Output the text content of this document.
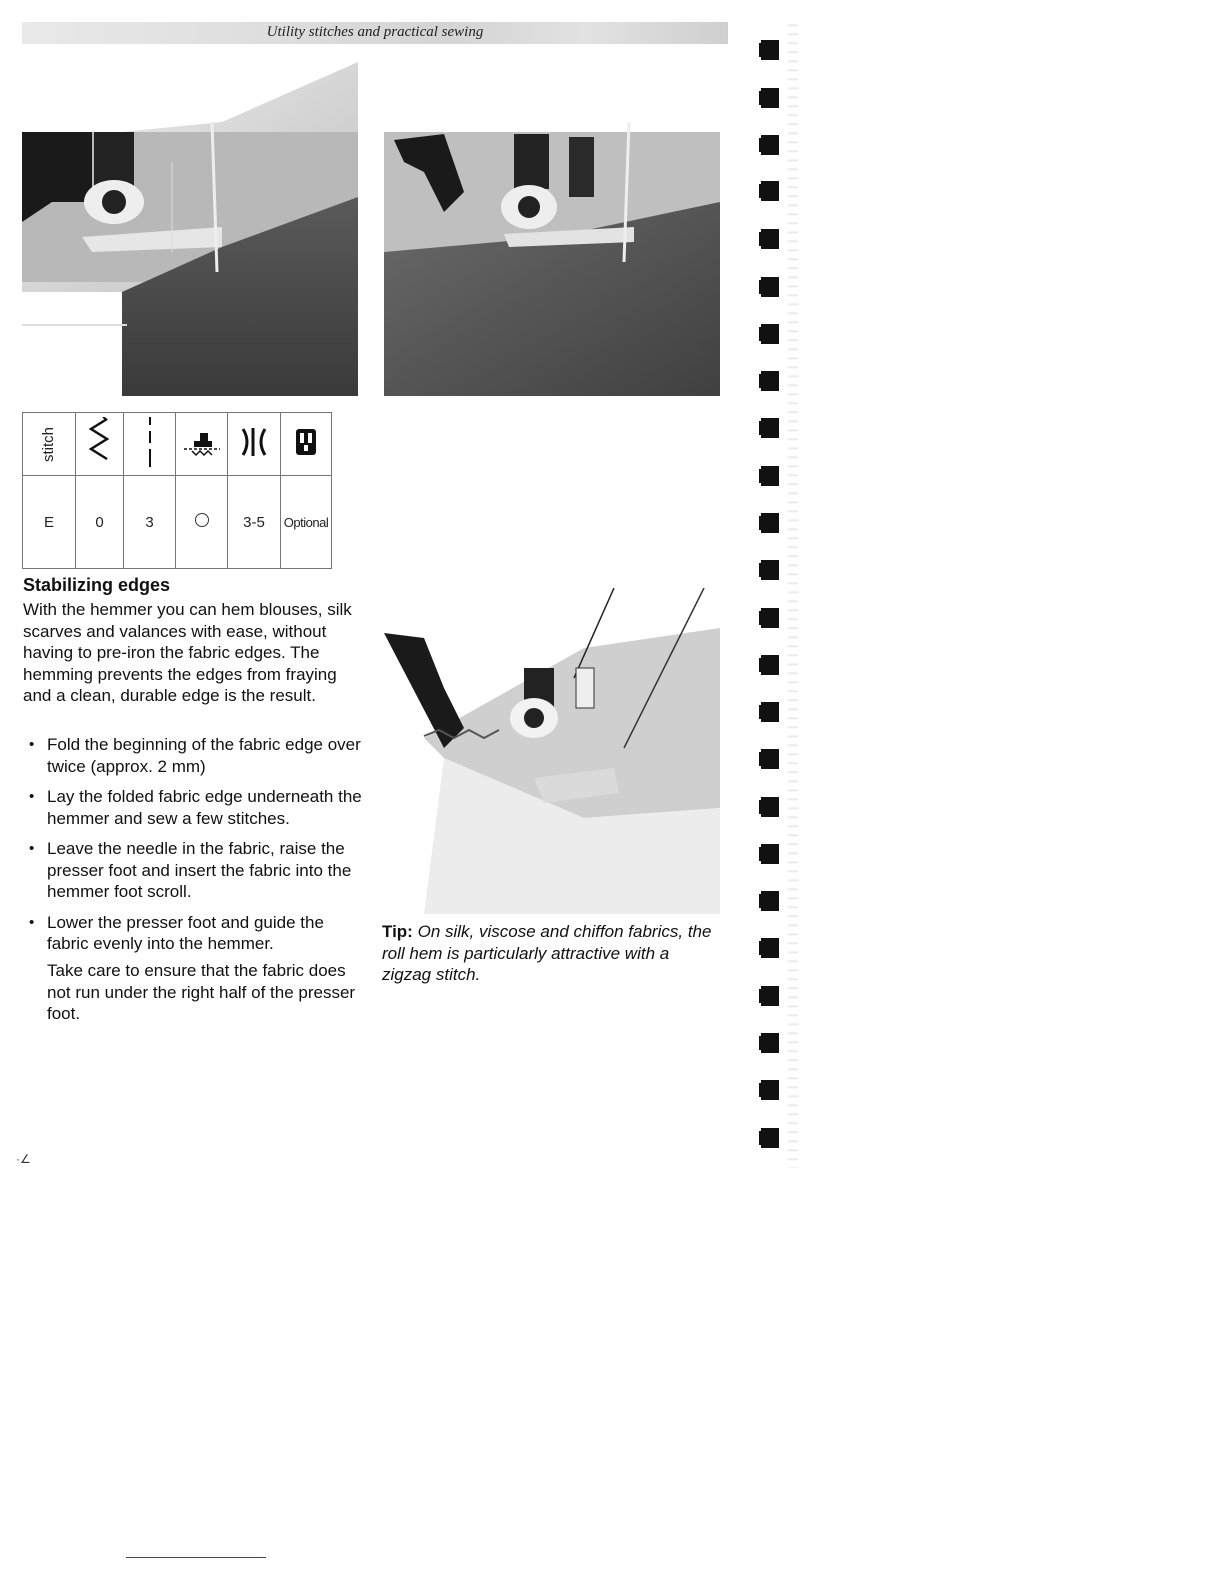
Utility stitches and practical sewing
stitch					
E	0	3		3-5	Optional
Stabilizing edges
With the hemmer you can hem blouses, silk scarves and valances with ease, without having to pre-iron the fabric edges. The hemming prevents the edges from fraying and a clean, durable edge is the result.
• Fold the beginning of the fabric edge over twice (approx. 2 mm)
• Lay the folded fabric edge underneath the hemmer and sew a few stitches.
• Leave the needle in the fabric, raise the presser foot and insert the fabric into the hemmer foot scroll.
• Lower the presser foot and guide the fabric evenly into the hemmer.
Take care to ensure that the fabric does not run under the right half of the presser foot.
Tip: On silk, viscose and chiffon fabrics, the roll hem is particularly attractive with a zigzag stitch.
·∠
